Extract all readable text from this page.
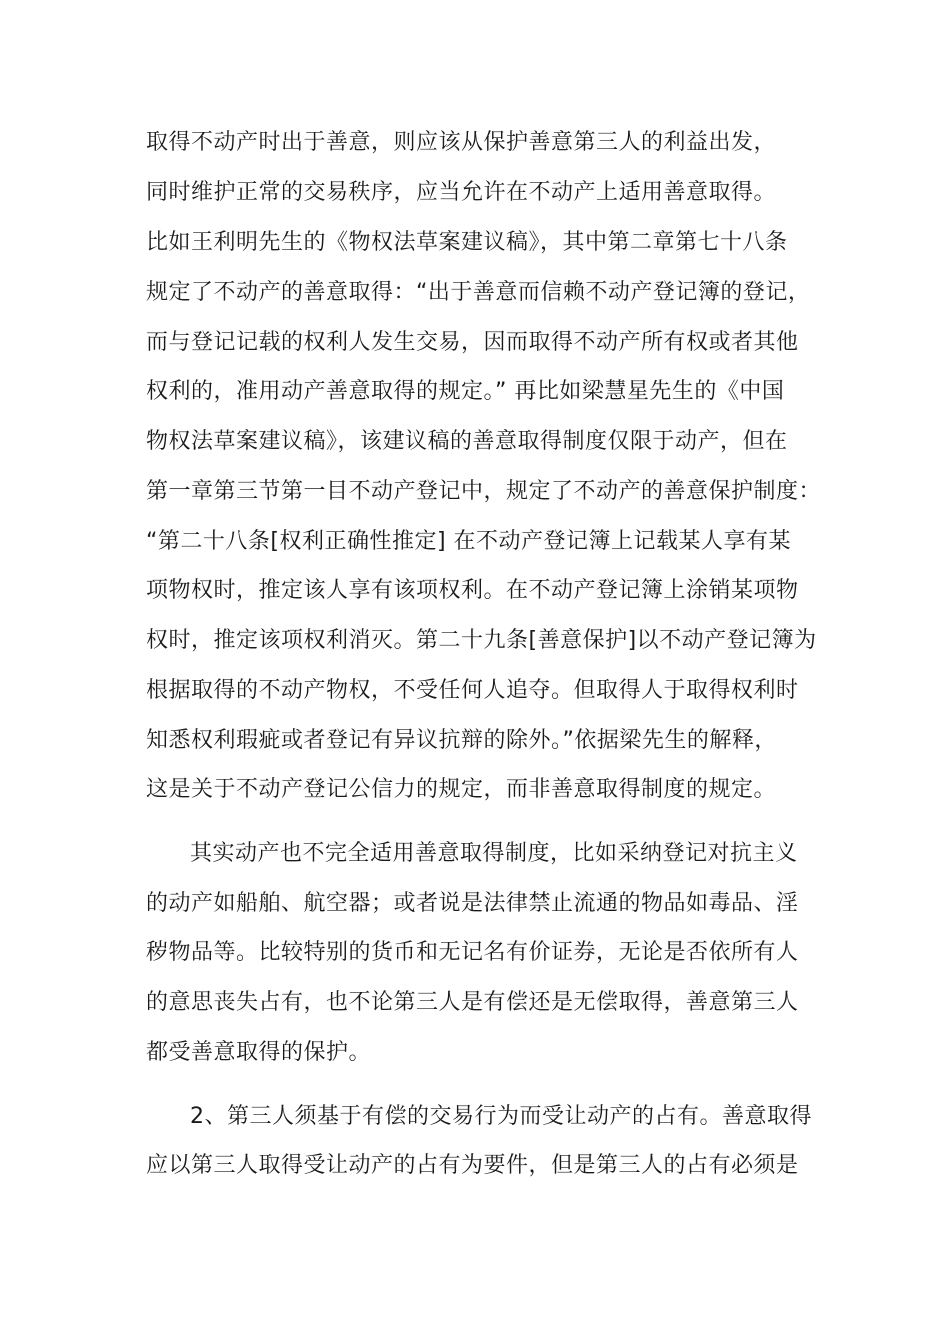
取得不动产时出于善意，则应该从保护善意第三人的利益出发，
同时维护正常的交易秩序，应当允许在不动产上适用善意取得。
比如王利明先生的《物权法草案建议稿》，其中第二章第七十八条
规定了不动产的善意取得：“出于善意而信赖不动产登记簿的登记，
而与登记记载的权利人发生交易，因而取得不动产所有权或者其他
权利的，准用动产善意取得的规定。” 再比如梁慧星先生的《中国
物权法草案建议稿》，该建议稿的善意取得制度仅限于动产，但在
第一章第三节第一目不动产登记中，规定了不动产的善意保护制度：
“第二十八条[权利正确性推定] 在不动产登记簿上记载某人享有某
项物权时，推定该人享有该项权利。在不动产登记簿上涂销某项物
权时，推定该项权利消灭。第二十九条[善意保护]以不动产登记簿为
根据取得的不动产物权，不受任何人追夺。但取得人于取得权利时
知悉权利瑕疵或者登记有异议抗辩的除外。”依据梁先生的解释，
这是关于不动产登记公信力的规定，而非善意取得制度的规定。
其实动产也不完全适用善意取得制度，比如采纳登记对抗主义
的动产如船舶、航空器；或者说是法律禁止流通的物品如毒品、淫
秽物品等。比较特别的货币和无记名有价证券，无论是否依所有人
的意思丧失占有，也不论第三人是有偿还是无偿取得，善意第三人
都受善意取得的保护。
2、第三人须基于有偿的交易行为而受让动产的占有。善意取得
应以第三人取得受让动产的占有为要件，但是第三人的占有必须是
